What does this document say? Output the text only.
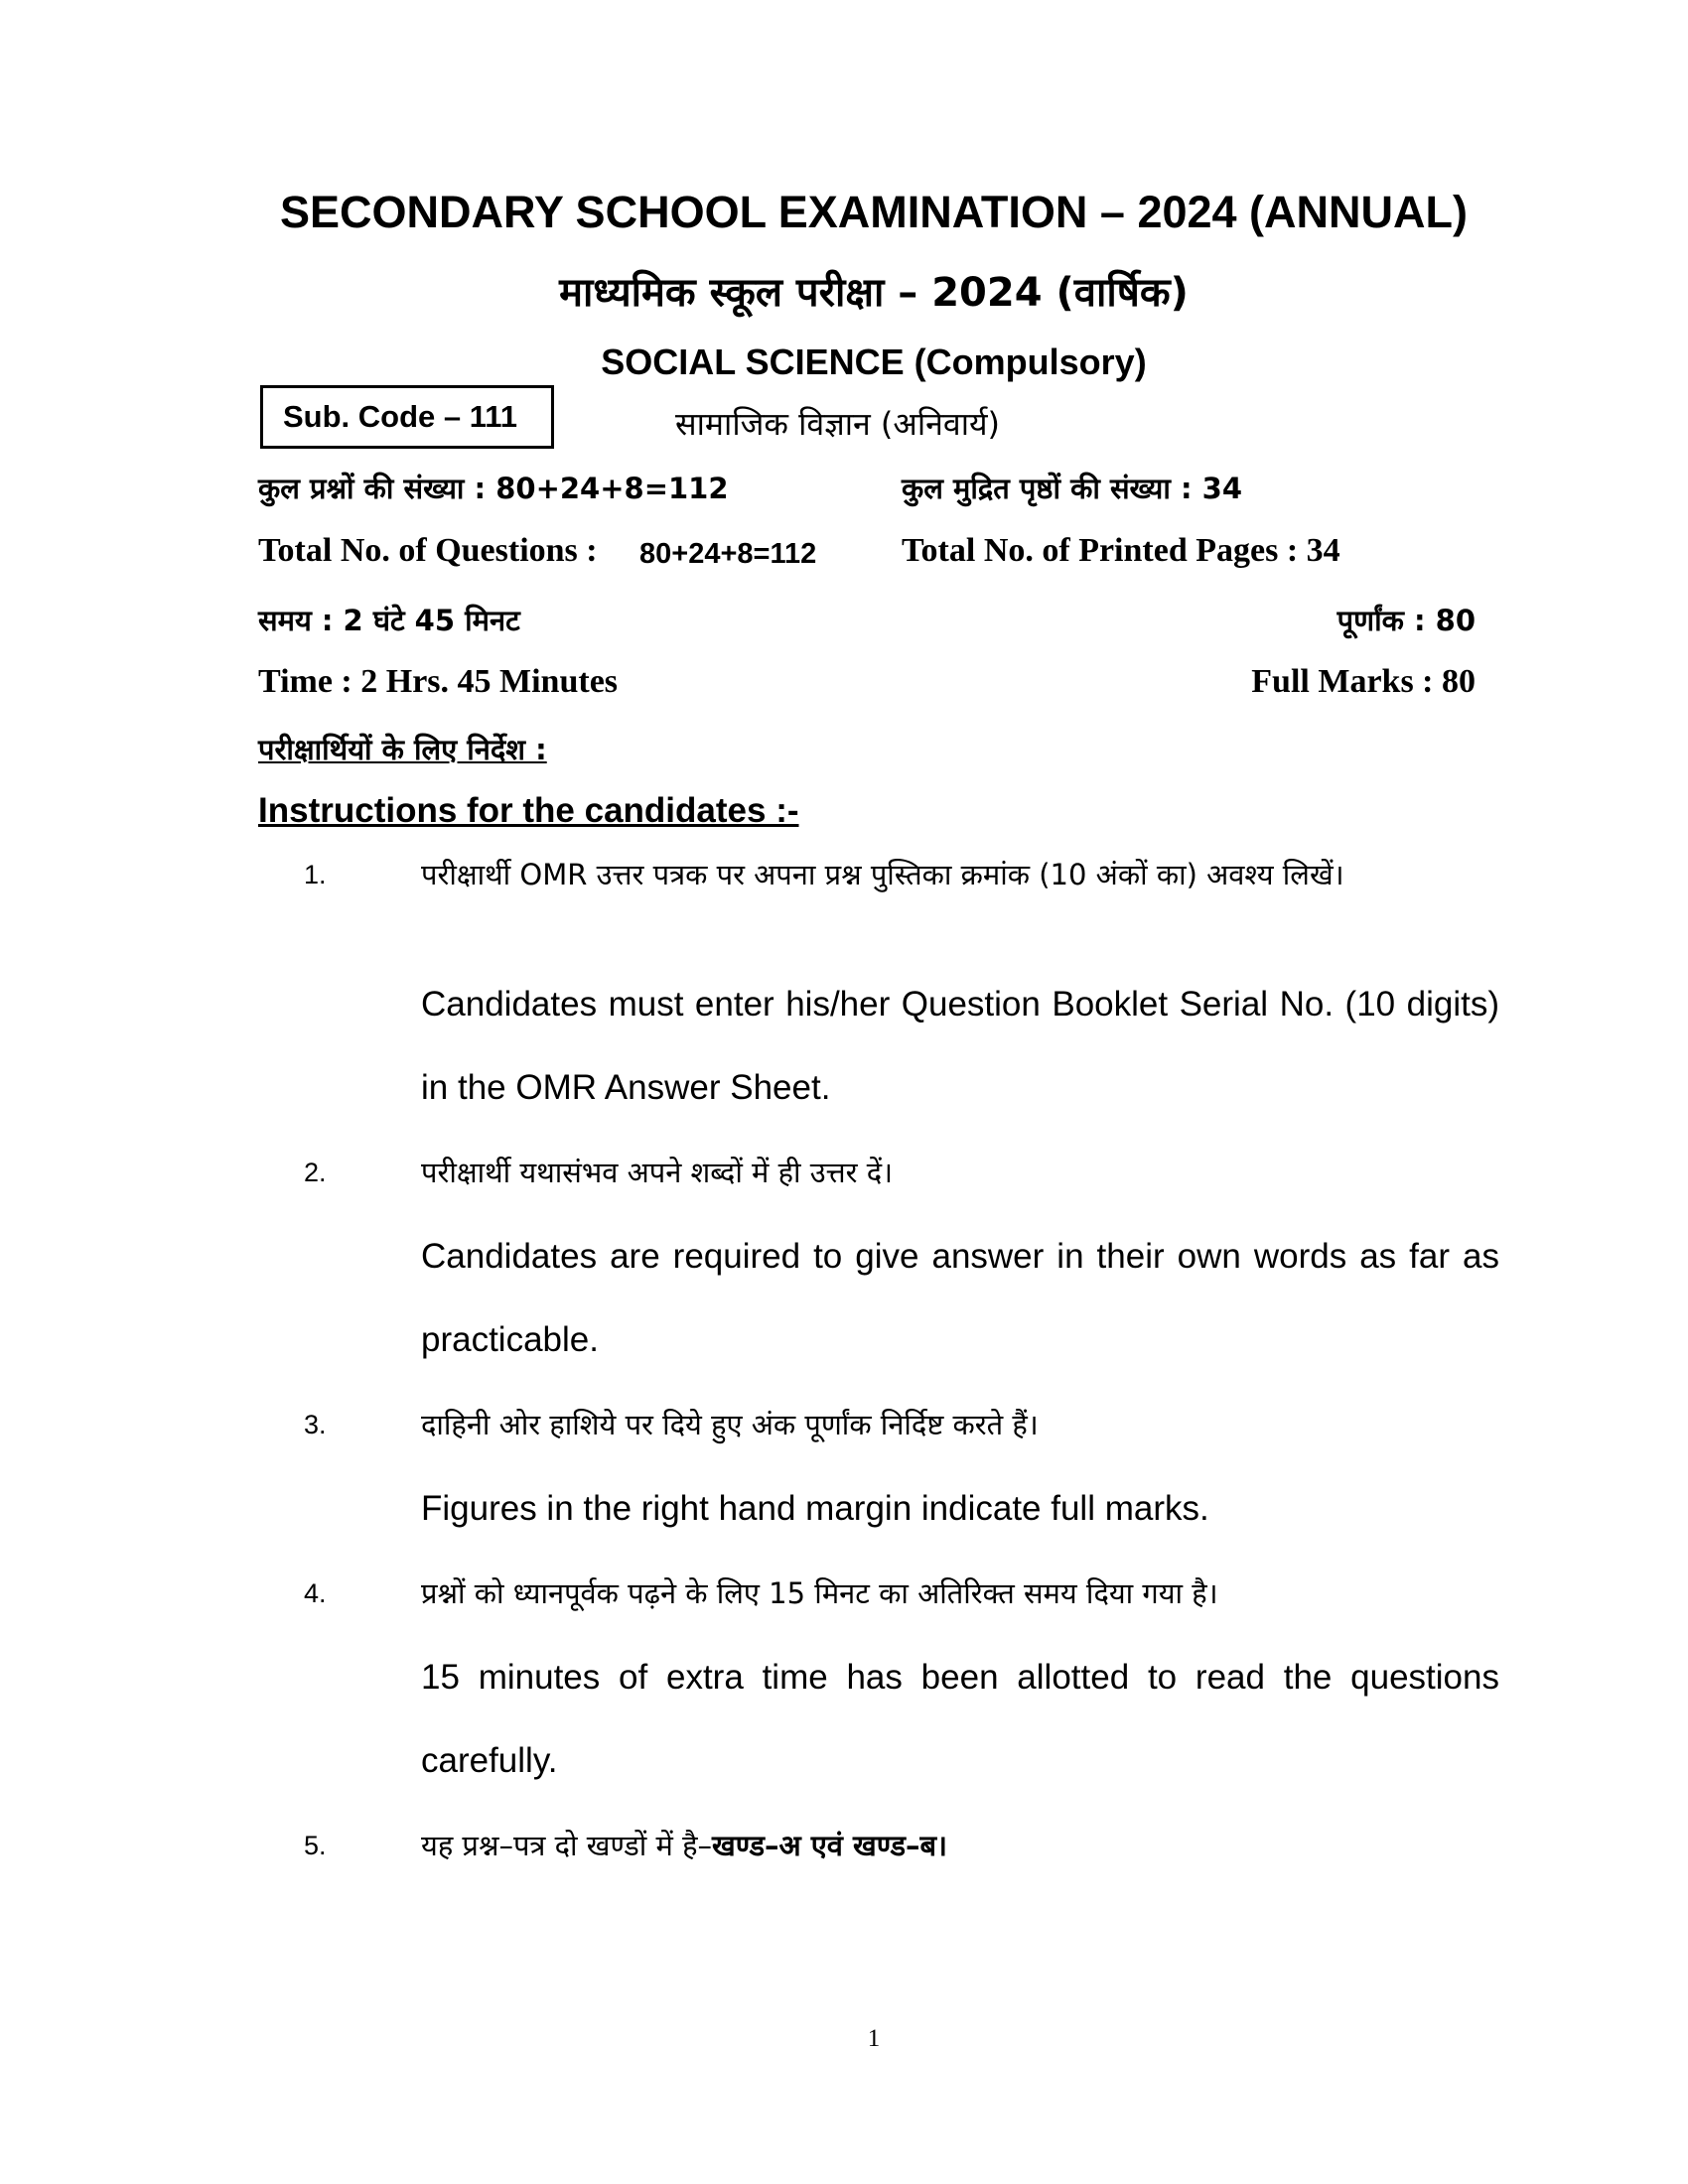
SECONDARY SCHOOL EXAMINATION – 2024 (ANNUAL)
माध्यमिक स्कूल परीक्षा – 2024 (वार्षिक)
SOCIAL SCIENCE (Compulsory)
Sub. Code – 111	सामाजिक विज्ञान (अनिवार्य)
कुल प्रश्नों की संख्या : 80+24+8=112	कुल मुद्रित पृष्ठों की संख्या : 34
Total No. of Questions : 80+24+8=112	Total No. of Printed Pages : 34
समय : 2 घंटे 45 मिनट	पूर्णांक : 80
Time : 2 Hrs. 45 Minutes	Full Marks : 80
परीक्षार्थियों के लिए निर्देश :
Instructions for the candidates :-
1.	परीक्षार्थी OMR उत्तर पत्रक पर अपना प्रश्न पुस्तिका क्रमांक (10 अंकों का) अवश्य लिखें।
Candidates must enter his/her Question Booklet Serial No. (10 digits) in the OMR Answer Sheet.
2.	परीक्षार्थी यथासंभव अपने शब्दों में ही उत्तर दें।
Candidates are required to give answer in their own words as far as practicable.
3.	दाहिनी ओर हाशिये पर दिये हुए अंक पूर्णांक निर्दिष्ट करते हैं।
Figures in the right hand margin indicate full marks.
4.	प्रश्नों को ध्यानपूर्वक पढ़ने के लिए 15 मिनट का अतिरिक्त समय दिया गया है।
15 minutes of extra time has been allotted to read the questions carefully.
5.	यह प्रश्न–पत्र दो खण्डों में है–खण्ड–अ एवं खण्ड–ब।
1
